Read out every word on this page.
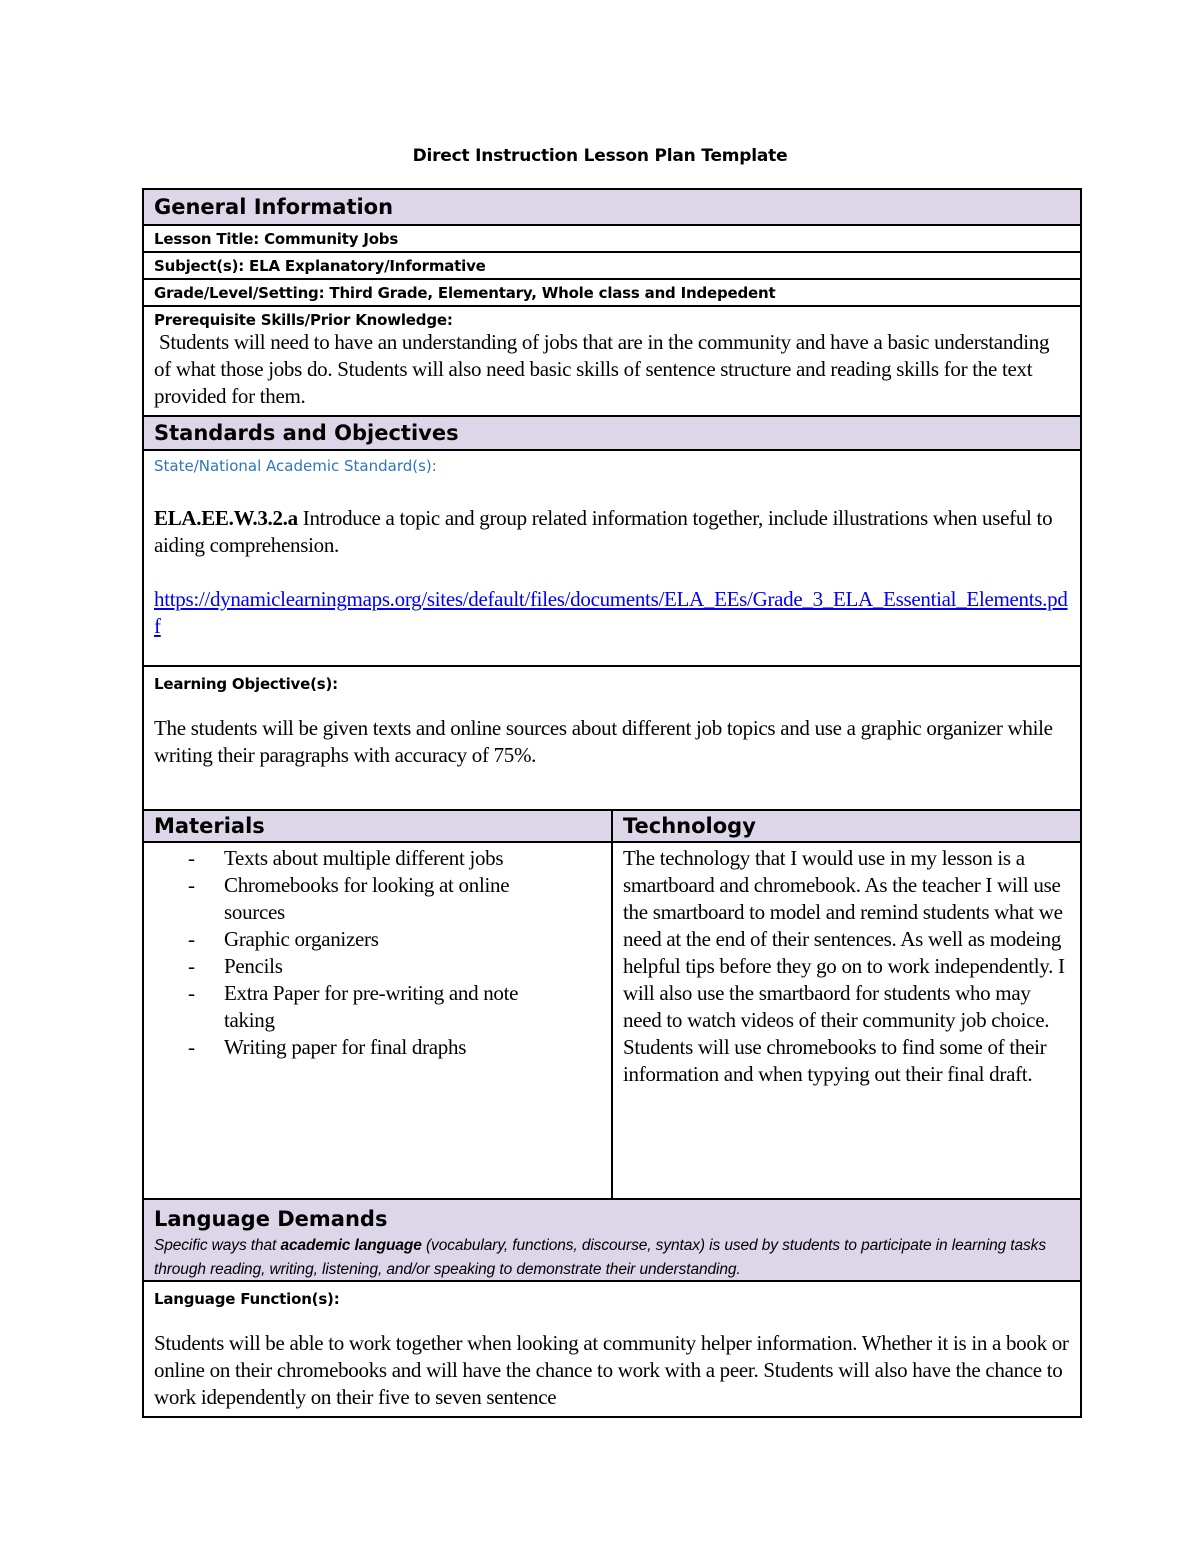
Direct Instruction Lesson Plan Template
General Information
Lesson Title: Community Jobs
Subject(s): ELA Explanatory/Informative
Grade/Level/Setting: Third Grade, Elementary, Whole class and Indepedent
Prerequisite Skills/Prior Knowledge:
Students will need to have an understanding of jobs that are in the community and have a basic understanding of what those jobs do. Students will also need basic skills of sentence structure and reading skills for the text provided for them.
Standards and Objectives
State/National Academic Standard(s):
ELA.EE.W.3.2.a Introduce a topic and group related information together, include illustrations when useful to aiding comprehension.
https://dynamiclearningmaps.org/sites/default/files/documents/ELA_EEs/Grade_3_ELA_Essential_Elements.pdf
Learning Objective(s):
The students will be given texts and online sources about different job topics and use a graphic organizer while writing their paragraphs with accuracy of 75%.
Materials
- Texts about multiple different jobs
- Chromebooks for looking at online sources
- Graphic organizers
- Pencils
- Extra Paper for pre-writing and note taking
- Writing paper for final draphs
Technology
The technology that I would use in my lesson is a smartboard and chromebook. As the teacher I will use the smartboard to model and remind students what we need at the end of their sentences. As well as modeing helpful tips before they go on to work independently. I will also use the smartbaord for students who may need to watch videos of their community job choice. Students will use chromebooks to find some of their information and when typying out their final draft.
Language Demands
Specific ways that academic language (vocabulary, functions, discourse, syntax) is used by students to participate in learning tasks through reading, writing, listening, and/or speaking to demonstrate their understanding.
Language Function(s):
Students will be able to work together when looking at community helper information. Whether it is in a book or online on their chromebooks and will have the chance to work with a peer. Students will also have the chance to work idependently on their five to seven sentence
